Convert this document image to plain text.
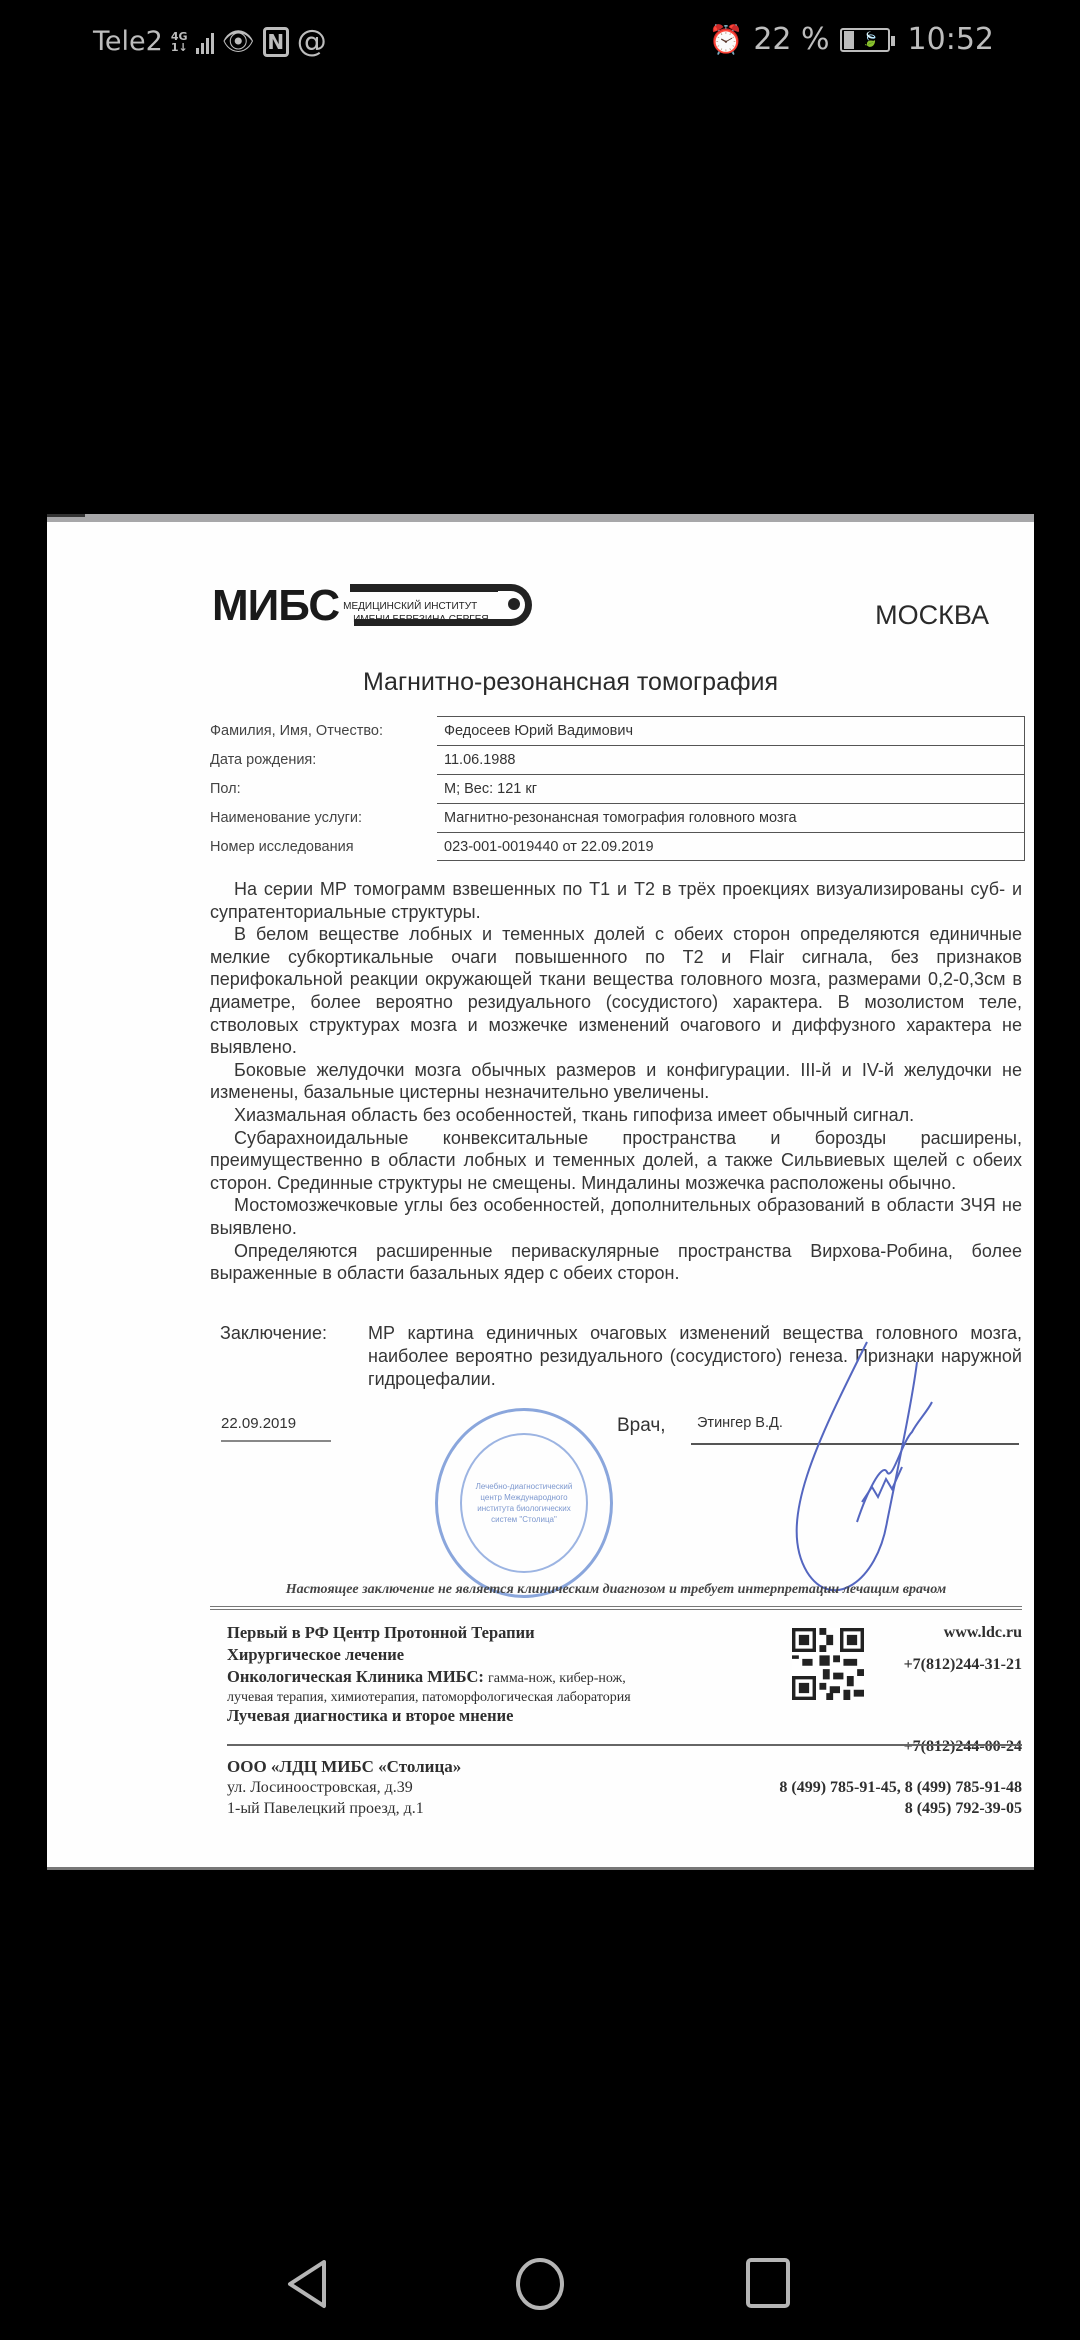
Tele2 4G
1↓ 👁 N @	⏰ 22 % 🍃 10:52
МИБС МЕДИЦИНСКИЙ ИНСТИТУТ
ИМЕНИ БЕРЕЗИНА СЕРГЕЯ	МОСКВА
Магнитно-резонансная томография
Фамилия, Имя, Отчество:	Федосеев Юрий Вадимович
Дата рождения:	11.06.1988
Пол:	М; Вес: 121 кг
Наименование услуги:	Магнитно-резонансная томография головного мозга
Номер исследования	023-001-0019440 от 22.09.2019

На серии МР томограмм взвешенных по Т1 и Т2 в трёх проекциях визуализированы суб- и супратенториальные структуры.

В белом веществе лобных и теменных долей с обеих сторон определяются единичные мелкие субкортикальные очаги повышенного по Т2 и Flair сигнала, без признаков перифокальной реакции окружающей ткани вещества головного мозга, размерами 0,2-0,3см в диаметре, более вероятно резидуального (сосудистого) характера. В мозолистом теле, стволовых структурах мозга и мозжечке изменений очагового и диффузного характера не выявлено.

Боковые желудочки мозга обычных размеров и конфигурации. III-й и IV-й желудочки не изменены, базальные цистерны незначительно увеличены.

Хиазмальная область без особенностей, ткань гипофиза имеет обычный сигнал.

Субарахноидальные конвекситальные пространства и борозды расширены, преимущественно в области лобных и теменных долей, а также Сильвиевых щелей с обеих сторон. Срединные структуры не смещены. Миндалины мозжечка расположены обычно.

Мостомозжечковые углы без особенностей, дополнительных образований в области ЗЧЯ не выявлено.

Определяются расширенные периваскулярные пространства Вирхова-Робина, более выраженные в области базальных ядер с обеих сторон.

Заключение:	МР картина единичных очаговых изменений вещества головного мозга, наиболее вероятно резидуального (сосудистого) генеза. Признаки наружной гидроцефалии.
Лечебно-диагностический центр Международного института биологических систем "Столица"
22.09.2019	Врач,	Этингер В.Д.
Настоящее заключение не является клиническим диагнозом и требует интерпретации лечащим врачом
Первый в РФ Центр Протонной Терапии
Хирургическое лечение
Онкологическая Клиника МИБС: гамма-нож, кибер-нож,
лучевая терапия, химиотерапия, патоморфологическая лаборатория
Лучевая диагностика и второе мнение
www.ldc.ru
+7(812)244-31-21
+7(812)244-00-24
ООО «ЛДЦ МИБС «Столица»
ул. Лосиноостровская, д.39
1-ый Павелецкий проезд, д.1
8 (499) 785-91-45, 8 (499) 785-91-48
8 (495) 792-39-05
